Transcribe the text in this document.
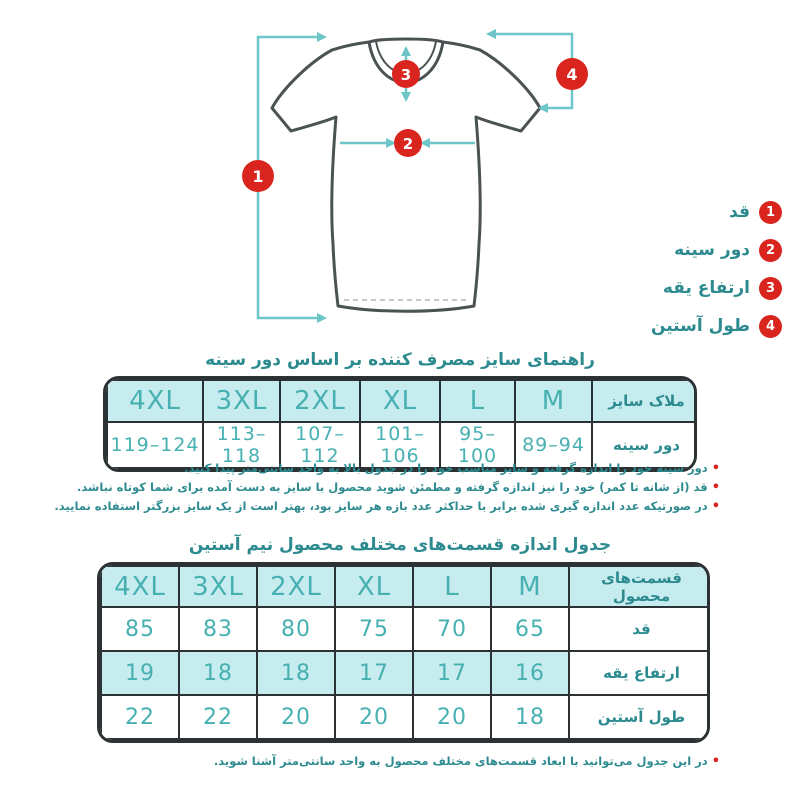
1
2
3	4
1
قد
2
دور سینه
3
ارتفاع یقه
4
طول آستین
راهنمای سایز مصرف کننده بر اساس دور سینه
4XL	3XL	2XL	XL	L	M	ملاک سایز
119–124	113–118	107–112	101–106	95–100	89–94	دور سینه
•دور سینه خود را اندازه گرفته و سایز مناسب خود را در جدول بالا به واحد سانتی‌متر پیدا کنید.
•قد (از شانه تا کمر) خود را نیز اندازه گرفته و مطمئن شوید محصول با سایز به دست آمده برای شما کوتاه نباشد.
•در صورتیکه عدد اندازه گیری شده برابر با حداکثر عدد بازه هر سایز بود، بهتر است از یک سایز بزرگتر استفاده نمایید.
جدول اندازه قسمت‌های مختلف محصول نیم آستین
4XL	3XL	2XL	XL	L	M	قسمت‌های محصول
85	83	80	75	70	65	قد
19	18	18	17	17	16	ارتفاع یقه
22	22	20	20	20	18	طول آستین
•در این جدول می‌توانید با ابعاد قسمت‌های مختلف محصول به واحد سانتی‌متر آشنا شوید.
